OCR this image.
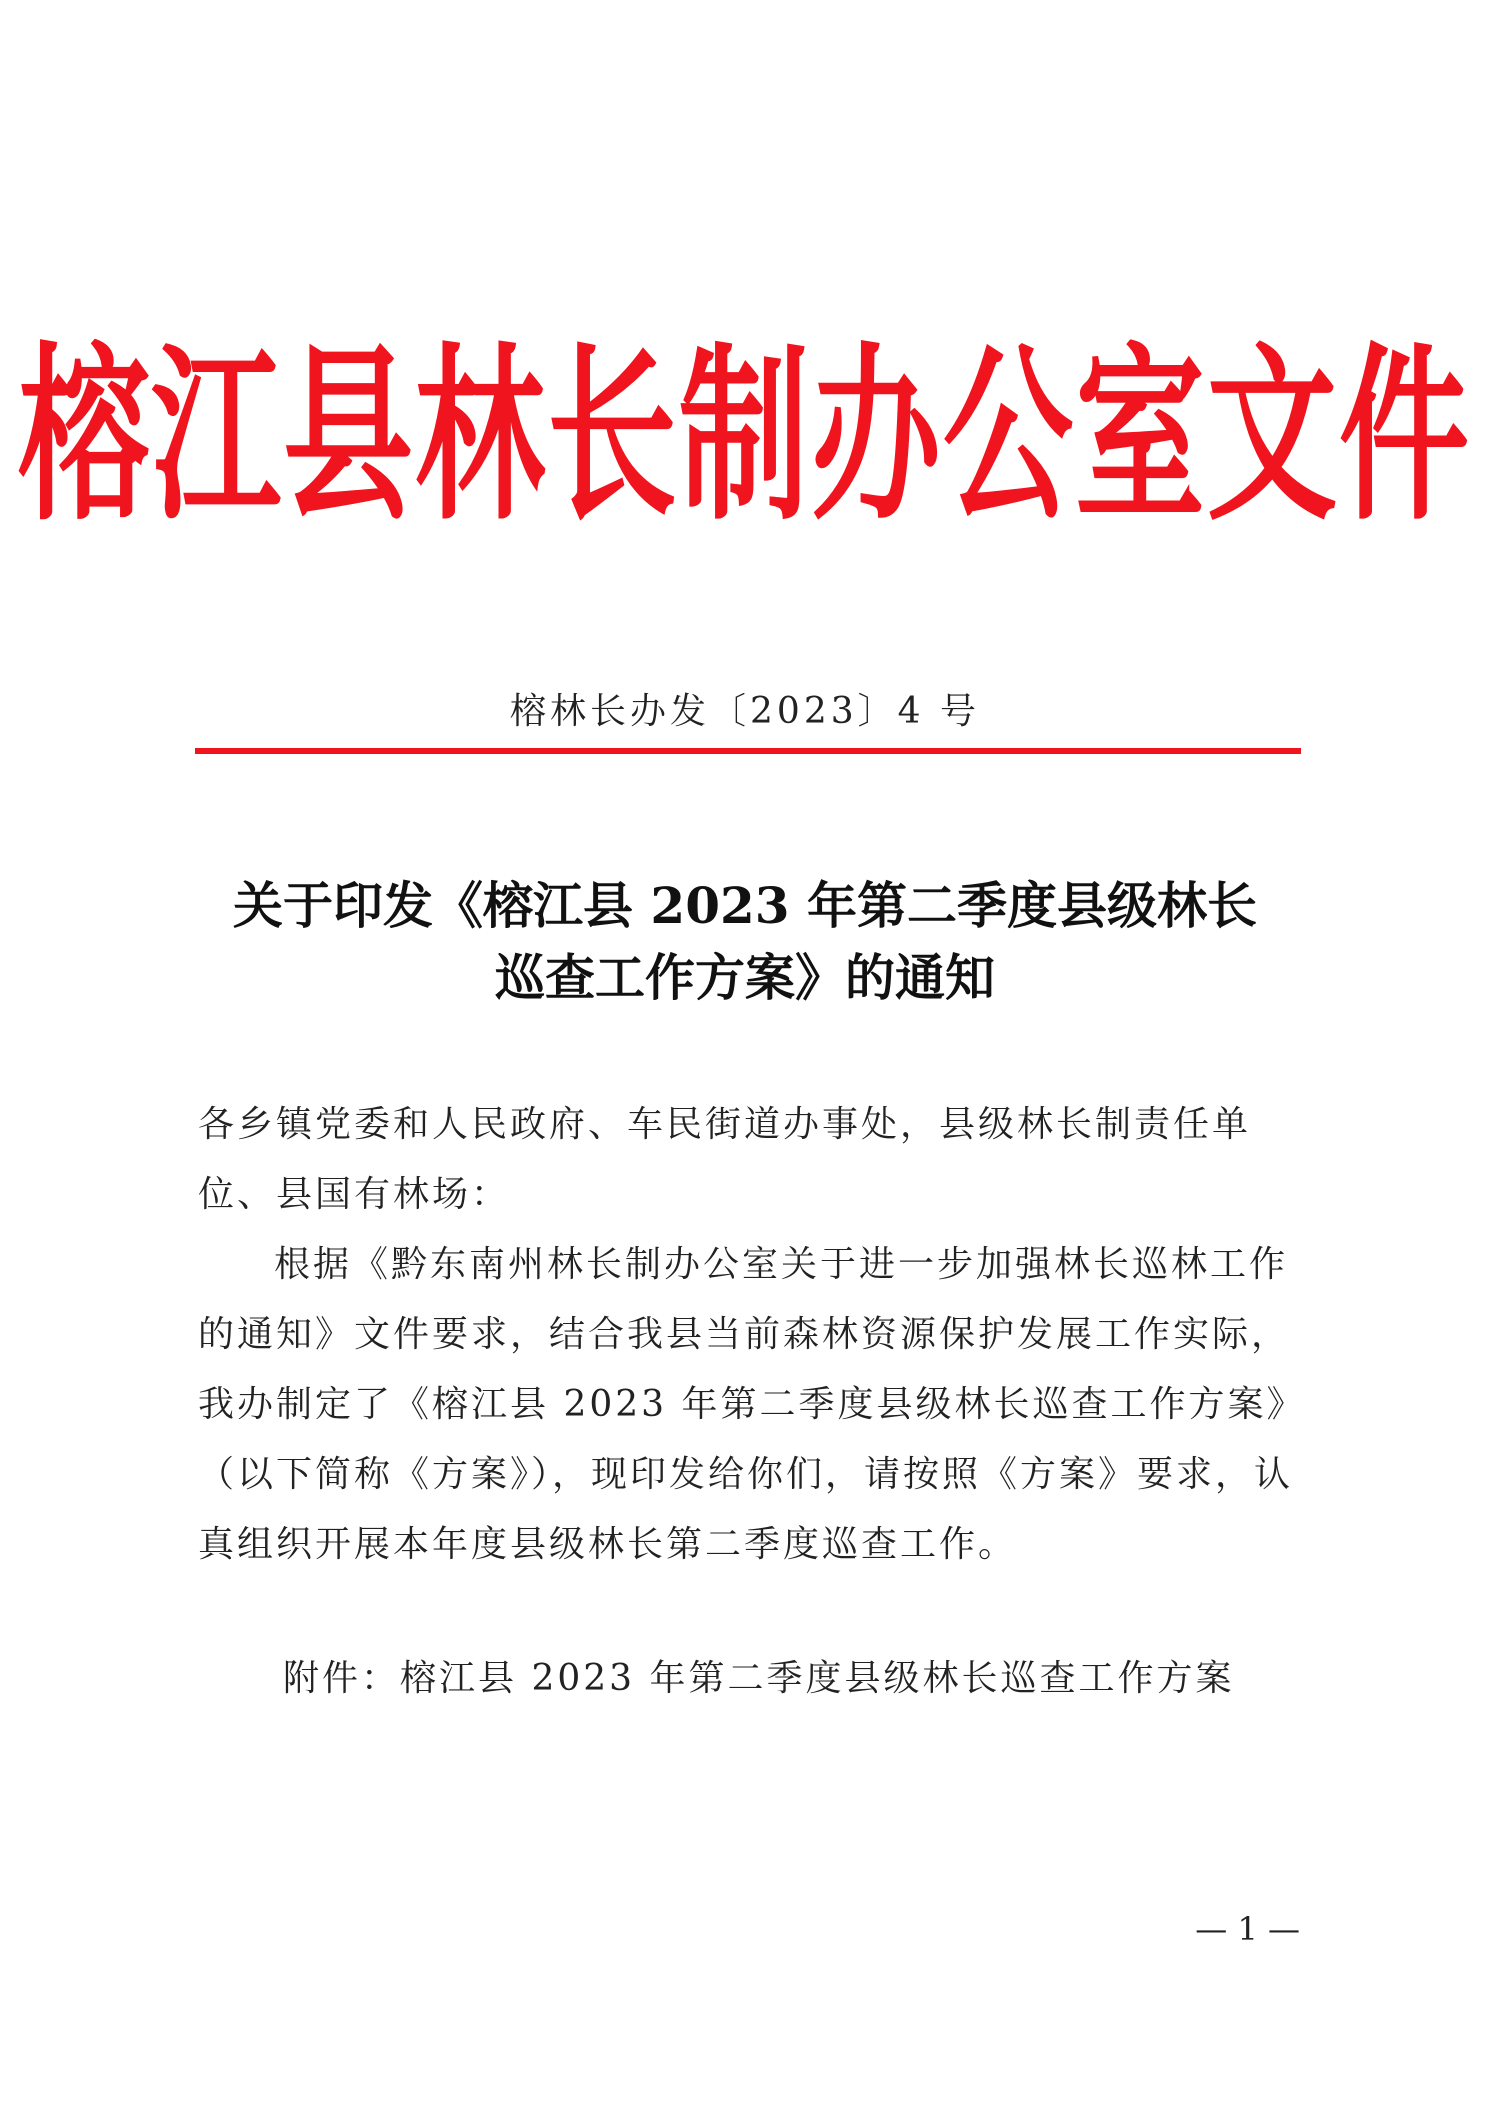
榕江县林长制办公室文件
榕林长办发〔2023〕4 号
关于印发《榕江县 2023 年第二季度县级林长
巡查工作方案》的通知
各乡镇党委和人民政府、车民街道办事处，县级林长制责任单位、县国有林场：
根据《黔东南州林长制办公室关于进一步加强林长巡林工作的通知》文件要求，结合我县当前森林资源保护发展工作实际，我办制定了《榕江县 2023 年第二季度县级林长巡查工作方案》（以下简称《方案》），现印发给你们，请按照《方案》要求，认真组织开展本年度县级林长第二季度巡查工作。
附件：榕江县 2023 年第二季度县级林长巡查工作方案
— 1 —
